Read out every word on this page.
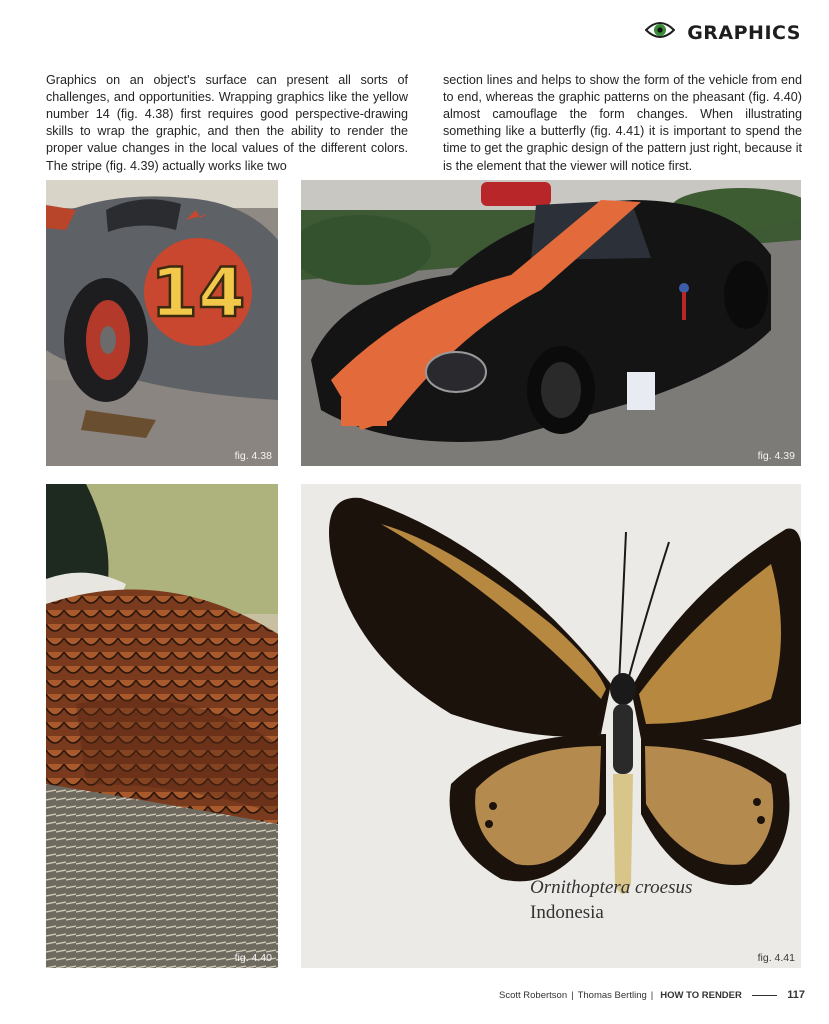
GRAPHICS

Graphics on an object's surface can present all sorts of challenges, and opportunities. Wrapping graphics like the yellow number 14 (fig. 4.38) first requires good perspective-drawing skills to wrap the graphic, and then the ability to render the proper value changes in the local values of the different colors. The stripe (fig. 4.39) actually works like two

section lines and helps to show the form of the vehicle from end to end, whereas the graphic patterns on the pheasant (fig. 4.40) almost camouflage the form changes. When illustrating something like a butterfly (fig. 4.41) it is important to spend the time to get the graphic design of the pattern just right, because it is the element that the viewer will notice first.

14
fig. 4.38	fig. 4.39
fig. 4.40
Ornithoptera croesus
Indonesia
fig. 4.41
Scott Robertson | Thomas Bertling | HOW TO RENDER	117
